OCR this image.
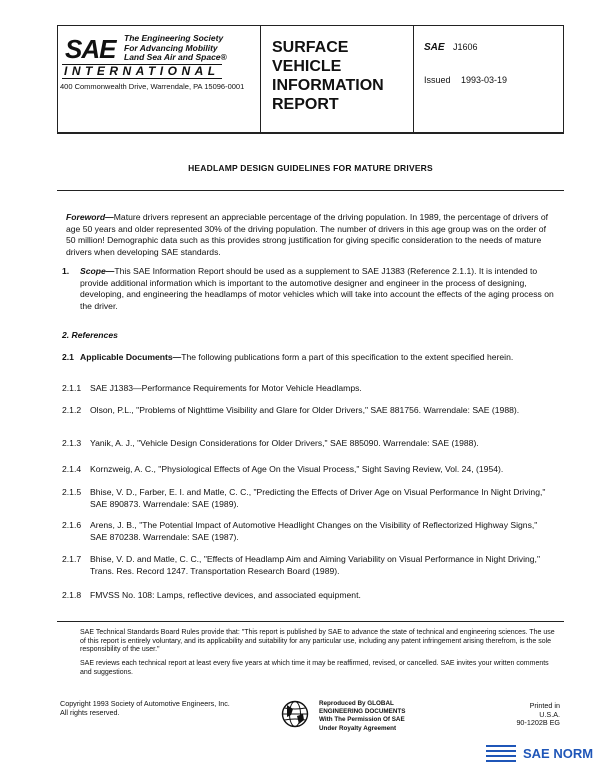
SAE The Engineering Society
For Advancing Mobility
Land Sea Air and Space®
INTERNATIONAL
400 Commonwealth Drive, Warrendale, PA 15096-0001
SURFACE
VEHICLE
INFORMATION
REPORT
SAE J1606
Issued 1993-03-19
HEADLAMP DESIGN GUIDELINES FOR MATURE DRIVERS
Foreword—Mature drivers represent an appreciable percentage of the driving population. In 1989, the percentage of drivers of age 50 years and older represented 30% of the driving population. The number of drivers in this age group was on the order of 50 million! Demographic data such as this provides strong justification for giving specific consideration to the needs of mature drivers when developing SAE standards.
1. Scope—This SAE Information Report should be used as a supplement to SAE J1383 (Reference 2.1.1). It is intended to provide additional information which is important to the automotive designer and engineer in the process of designing, developing, and engineering the headlamps of motor vehicles which will take into account the effects of the aging process on the driver.
2. References
2.1 Applicable Documents—The following publications form a part of this specification to the extent specified herein.
2.1.1 SAE J1383—Performance Requirements for Motor Vehicle Headlamps.
2.1.2 Olson, P.L., "Problems of Nighttime Visibility and Glare for Older Drivers," SAE 881756. Warrendale: SAE (1988).
2.1.3 Yanik, A. J., "Vehicle Design Considerations for Older Drivers," SAE 885090. Warrendale: SAE (1988).
2.1.4 Kornzweig, A. C., "Physiological Effects of Age On the Visual Process," Sight Saving Review, Vol. 24, (1954).
2.1.5 Bhise, V. D., Farber, E. I. and Matle, C. C., "Predicting the Effects of Driver Age on Visual Performance In Night Driving," SAE 890873. Warrendale: SAE (1989).
2.1.6 Arens, J. B., "The Potential Impact of Automotive Headlight Changes on the Visibility of Reflectorized Highway Signs," SAE 870238. Warrendale: SAE (1987).
2.1.7 Bhise, V. D. and Matle, C. C., "Effects of Headlamp Aim and Aiming Variability on Visual Performance in Night Driving," Trans. Res. Record 1247. Transportation Research Board (1989).
2.1.8 FMVSS No. 108: Lamps, reflective devices, and associated equipment.
SAE Technical Standards Board Rules provide that: "This report is published by SAE to advance the state of technical and engineering sciences. The use of this report is entirely voluntary, and its applicability and suitability for any particular use, including any patent infringement arising therefrom, is the sole responsibility of the user."
SAE reviews each technical report at least every five years at which time it may be reaffirmed, revised, or cancelled. SAE invites your written comments and suggestions.
Copyright 1993 Society of Automotive Engineers, Inc.
All rights reserved.
Reproduced By GLOBAL
ENGINEERING DOCUMENTS
With The Permission Of SAE
Under Royalty Agreement
Printed in U.S.A.
90-1202B EG
SAE NORM
